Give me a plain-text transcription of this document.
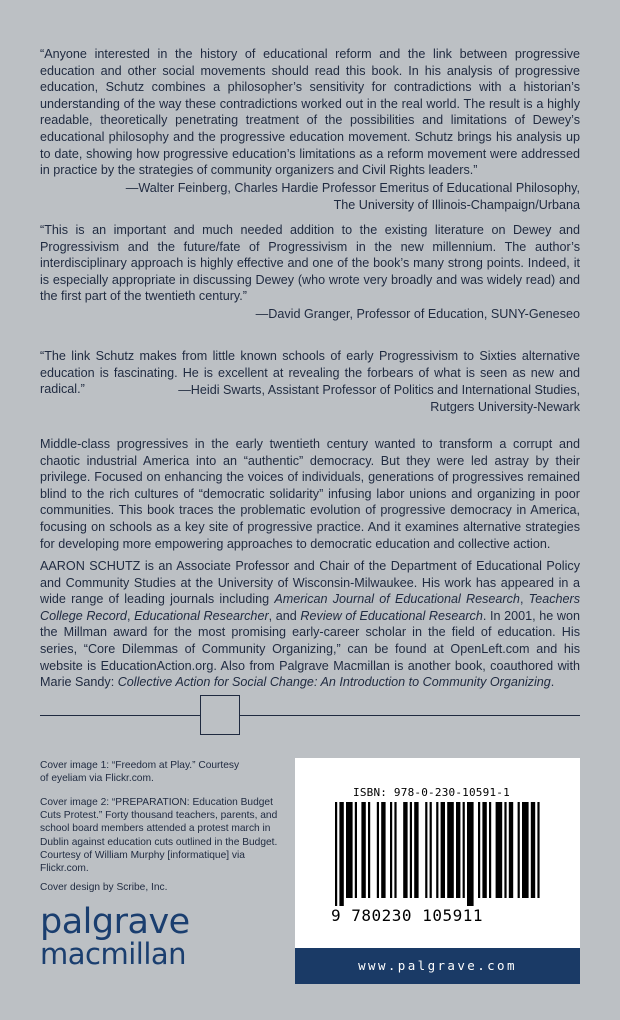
“Anyone interested in the history of educational reform and the link between progressive education and other social movements should read this book. In his analysis of progressive education, Schutz combines a philosopher’s sensitivity for contradictions with a historian’s understanding of the way these contradictions worked out in the real world. The result is a highly readable, theoretically penetrating treatment of the possibilities and limitations of Dewey’s educational philosophy and the progressive education movement. Schutz brings his analysis up to date, showing how progressive education’s limitations as a reform movement were addressed in practice by the strategies of community organizers and Civil Rights leaders.”

—Walter Feinberg, Charles Hardie Professor Emeritus of Educational Philosophy,
The University of Illinois-Champaign/Urbana

“This is an important and much needed addition to the existing literature on Dewey and Progressivism and the future/fate of Progressivism in the new millennium. The author’s interdisciplinary approach is highly effective and one of the book’s many strong points. Indeed, it is especially appropriate in discussing Dewey (who wrote very broadly and was widely read) and the first part of the twentieth century.”

—David Granger, Professor of Education, SUNY-Geneseo

“The link Schutz makes from little known schools of early Progressivism to Sixties alternative education is fascinating. He is excellent at revealing the forbears of what is seen as new and radical.”	—Heidi Swarts, Assistant Professor of Politics and International Studies,
Rutgers University-Newark

Middle-class progressives in the early twentieth century wanted to transform a corrupt and chaotic industrial America into an “authentic” democracy. But they were led astray by their privilege. Focused on enhancing the voices of individuals, generations of progressives remained blind to the rich cultures of “democratic solidarity” infusing labor unions and organizing in poor communities. This book traces the problematic evolution of progressive democracy in America, focusing on schools as a key site of progressive practice. And it examines alternative strategies for developing more empowering approaches to democratic education and collective action.

AARON SCHUTZ is an Associate Professor and Chair of the Department of Educational Policy and Community Studies at the University of Wisconsin-Milwaukee. His work has appeared in a wide range of leading journals including American Journal of Educational Research, Teachers College Record, Educational Researcher, and Review of Educational Research. In 2001, he won the Millman award for the most promising early-career scholar in the field of education. His series, “Core Dilemmas of Community Organizing,” can be found at OpenLeft.com and his website is EducationAction.org. Also from Palgrave Macmillan is another book, coauthored with Marie Sandy: Collective Action for Social Change: An Introduction to Community Organizing.

Cover image 1: “Freedom at Play.” Courtesy of eyeliam via Flickr.com.

Cover image 2: “PREPARATION: Education Budget Cuts Protest.” Forty thousand teachers, parents, and school board members attended a protest march in Dublin against education cuts outlined in the Budget. Courtesy of William Murphy [informatique] via Flickr.com.

Cover design by Scribe, Inc.

palgrave
macmillan
ISBN: 978-0-230-10591-1
9 780230 105911
www.palgrave.com
